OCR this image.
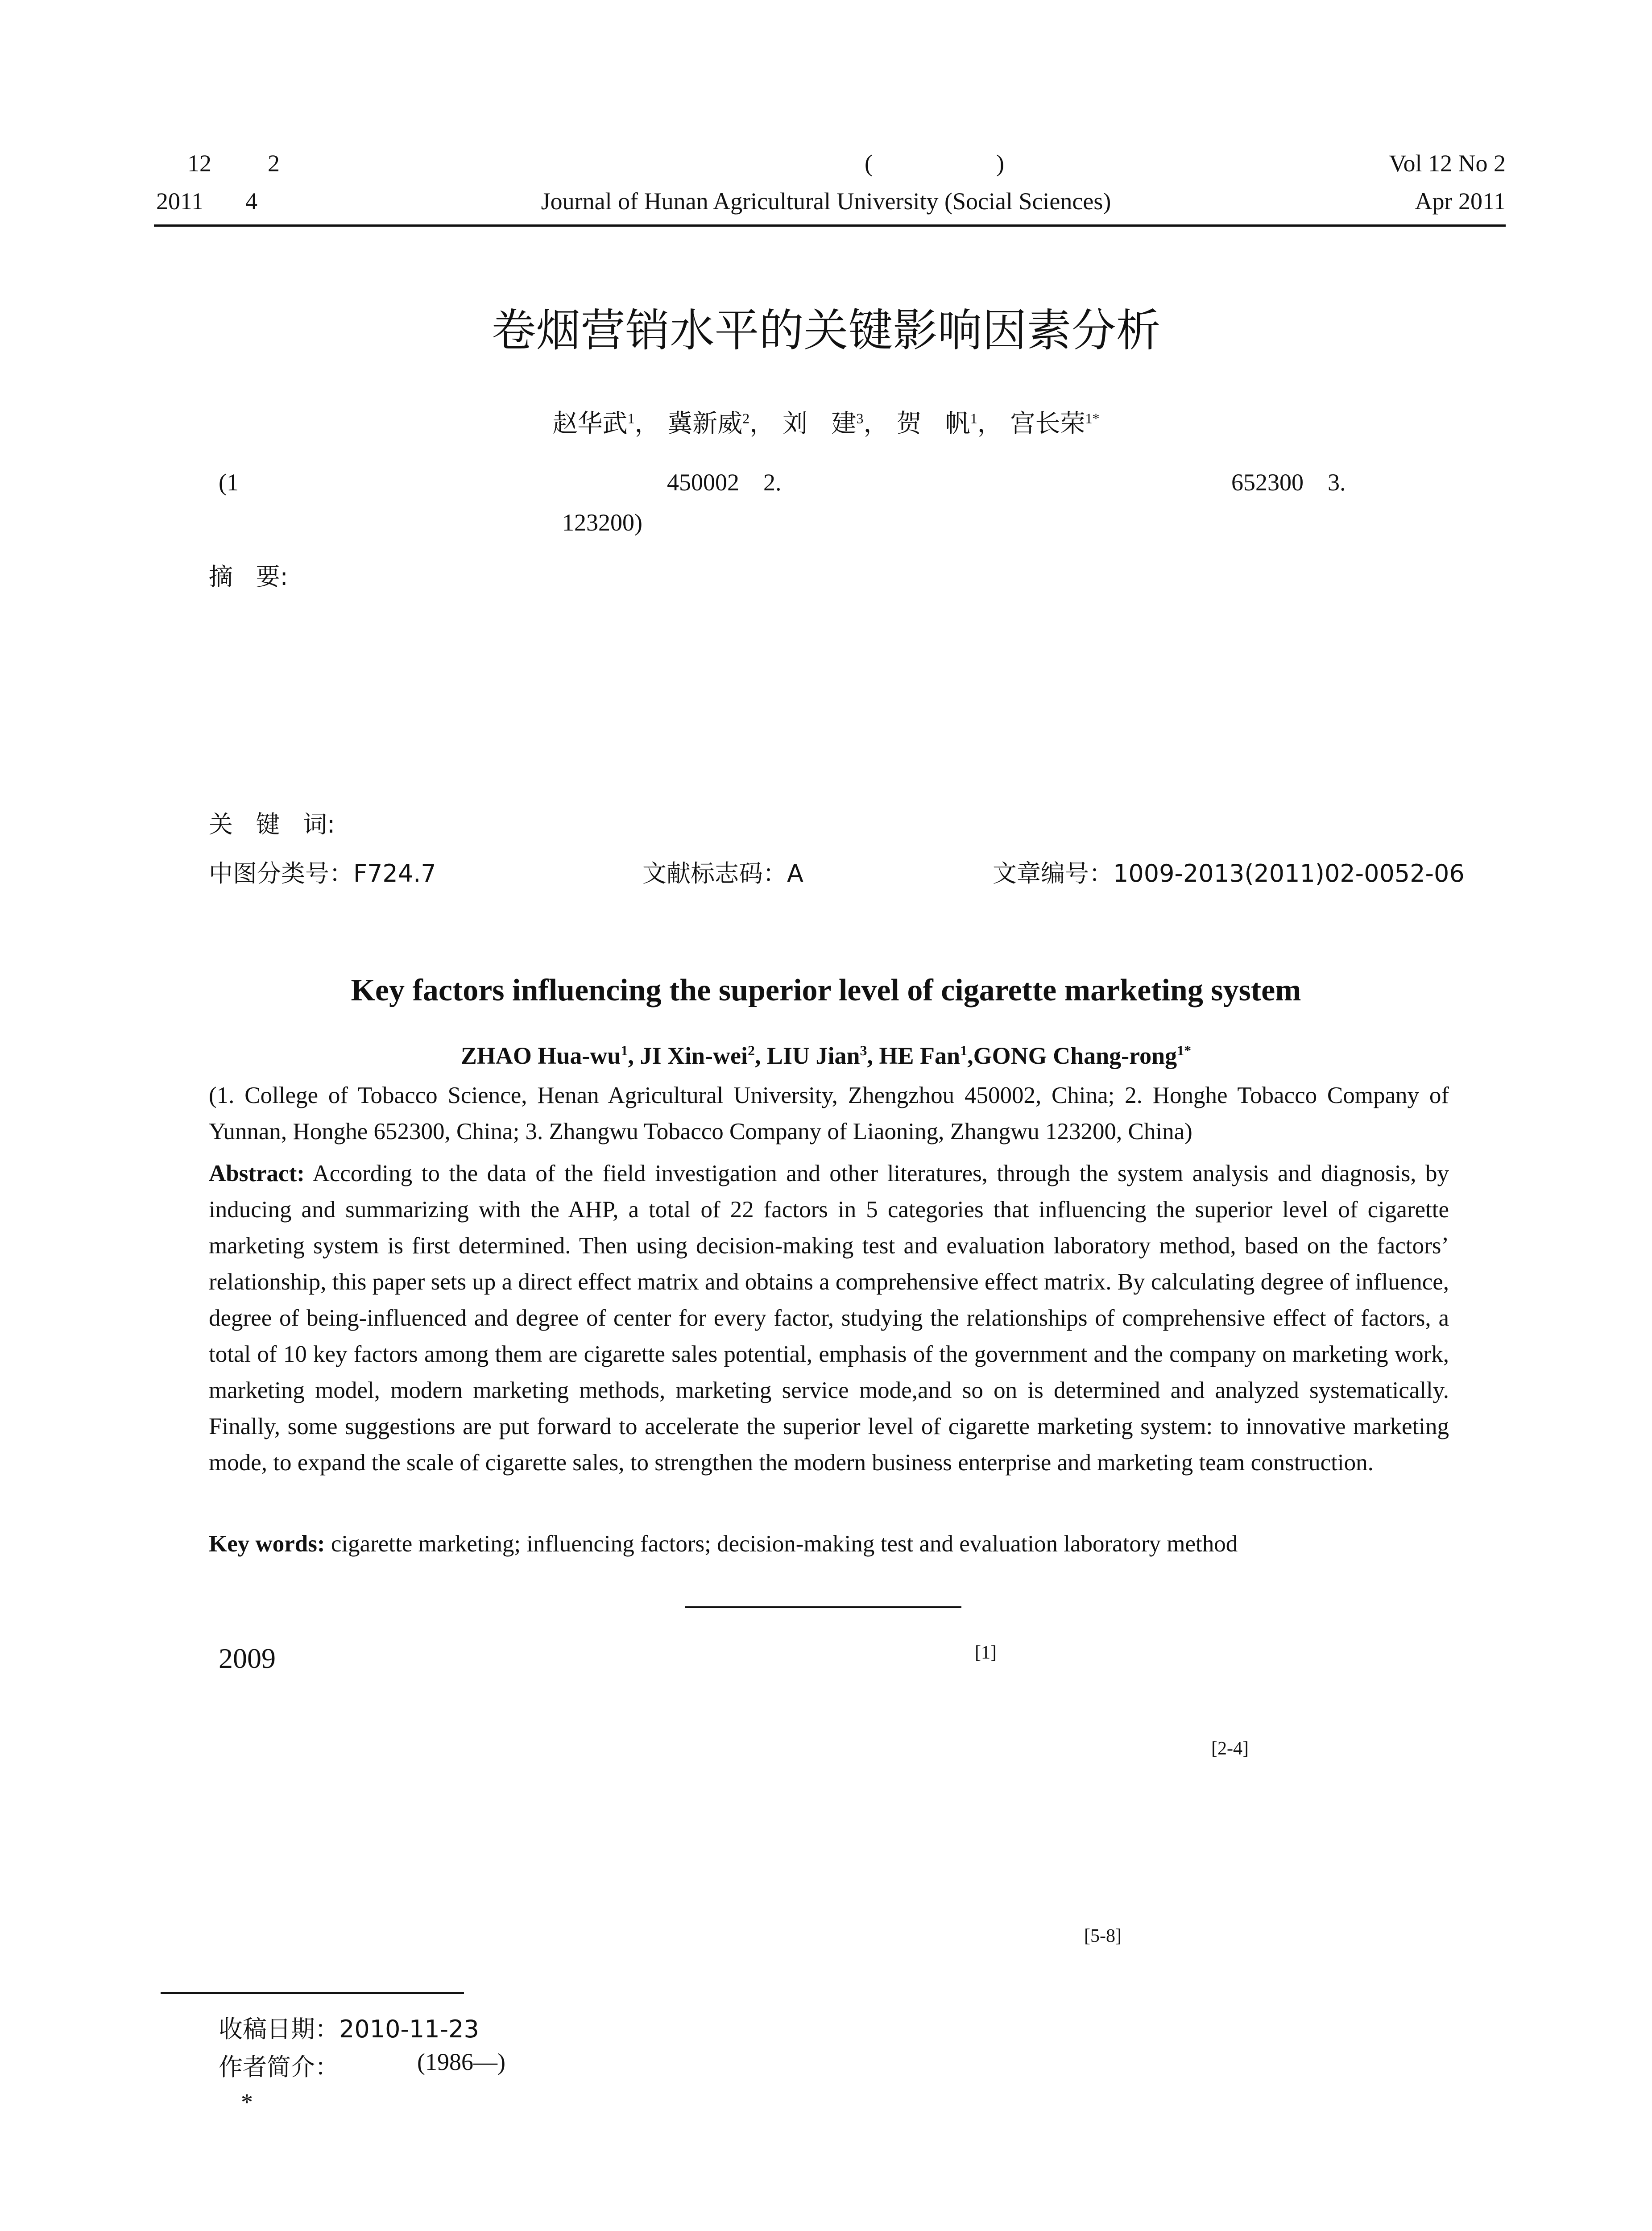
12 2	(	)	Vol 12 No 2
2011 4	Journal of Hunan Agricultural University (Social Sciences)	Apr 2011
卷烟营销水平的关键影响因素分析
赵华武$^1$， 冀新威$^2$， 刘   建$^3$， 贺   帆$^1$， 宫长荣$^{1*}$
(1	450002    2.	652300    3.
123200)
摘   要:
关   键   词:
中图分类号：F724.7	文献标志码：A	文章编号：1009-2013(2011)02-0052-06
Key factors influencing the superior level of cigarette marketing system
ZHAO Hua-$wu^1$, JI Xin-wei$^2$, LIU Jian$^3$, HE Fan$^1$,GONG Chang-rong$^{1*}$
(1. College of Tobacco Science, Henan Agricultural University, Zhengzhou 450002, China; 2. Honghe Tobacco Company of Yunnan, Honghe 652300, China; 3. Zhangwu Tobacco Company of Liaoning, Zhangwu 123200, China)
Abstract: According to the data of the field investigation and other literatures, through the system analysis and diagnosis, by inducing and summarizing with the AHP, a total of 22 factors in 5 categories that influencing the superior level of cigarette marketing system is first determined. Then using decision-making test and evaluation laboratory method, based on the factors’ relationship, this paper sets up a direct effect matrix and obtains a comprehensive effect matrix. By calculating degree of influence, degree of being-influenced and degree of center for every factor, studying the relationships of comprehensive effect of factors, a total of 10 key factors among them are cigarette sales potential, emphasis of the government and the company on marketing work, marketing model, modern marketing methods, marketing service mode,and so on is determined and analyzed systematically. Finally, some suggestions are put forward to accelerate the superior level of cigarette marketing system: to innovative marketing mode, to expand the scale of cigarette sales, to strengthen the modern business enterprise and marketing team construction.
Key words: cigarette marketing; influencing factors; decision-making test and evaluation laboratory method
2009	[1]
[2-4]
[5-8]
收稿日期：2010-11-23
作者简介：	(1986—)
*
